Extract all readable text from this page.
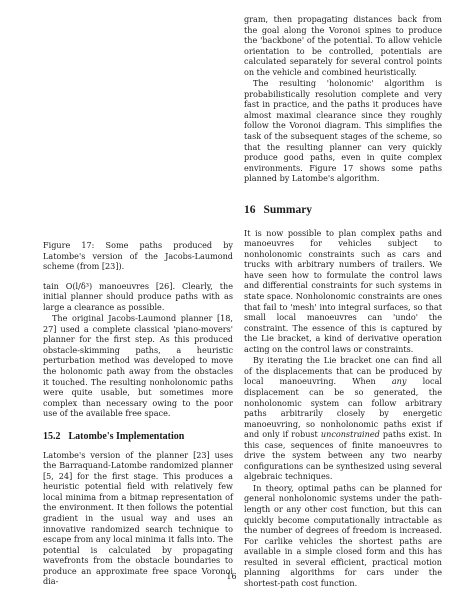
Figure 17: Some paths produced by Latombe's version of the Jacobs-Laumond scheme (from [23]).

tain O(l/δ³) manoeuvres [26]. Clearly, the initial planner should produce paths with as large a clearance as possible.

The original Jacobs-Laumond planner [18, 27] used a complete classical 'piano-movers' planner for the first step. As this produced obstacle-skimming paths, a heuristic perturbation method was developed to move the holonomic path away from the obstacles it touched. The resulting nonholonomic paths were quite usable, but sometimes more complex than necessary owing to the poor use of the available free space.

15.2 Latombe's Implementation

Latombe's version of the planner [23] uses the Barraquand-Latombe randomized planner [5, 24] for the first stage. This produces a heuristic potential field with relatively few local minima from a bitmap representation of the environment. It then follows the potential gradient in the usual way and uses an innovative randomized search technique to escape from any local minima it falls into. The potential is calculated by propagating wavefronts from the obstacle boundaries to produce an approximate free space Voronoi dia-

gram, then propagating distances back from the goal along the Voronoi spines to produce the 'backbone' of the potential. To allow vehicle orientation to be controlled, potentials are calculated separately for several control points on the vehicle and combined heuristically.

The resulting 'holonomic' algorithm is probabilistically resolution complete and very fast in practice, and the paths it produces have almost maximal clearance since they roughly follow the Voronoi diagram. This simplifies the task of the subsequent stages of the scheme, so that the resulting planner can very quickly produce good paths, even in quite complex environments. Figure 17 shows some paths planned by Latombe's algorithm.

16 Summary

It is now possible to plan complex paths and manoeuvres for vehicles subject to nonholonomic constraints such as cars and trucks with arbitrary numbers of trailers. We have seen how to formulate the control laws and differential constraints for such systems in state space. Nonholonomic constraints are ones that fail to 'mesh' into integral surfaces, so that small local manoeuvres can 'undo' the constraint. The essence of this is captured by the Lie bracket, a kind of derivative operation acting on the control laws or constraints.

By iterating the Lie bracket one can find all of the displacements that can be produced by local manoeuvring. When any local displacement can be so generated, the nonholonomic system can follow arbitrary paths arbitrarily closely by energetic manoeuvring, so nonholonomic paths exist if and only if robust unconstrained paths exist. In this case, sequences of finite manoeuvres to drive the system between any two nearby configurations can be synthesized using several algebraic techniques.

In theory, optimal paths can be planned for general nonholonomic systems under the path-length or any other cost function, but this can quickly become computationally intractable as the number of degrees of freedom is increased. For carlike vehicles the shortest paths are available in a simple closed form and this has resulted in several efficient, practical motion planning algorithms for cars under the shortest-path cost function.

16
